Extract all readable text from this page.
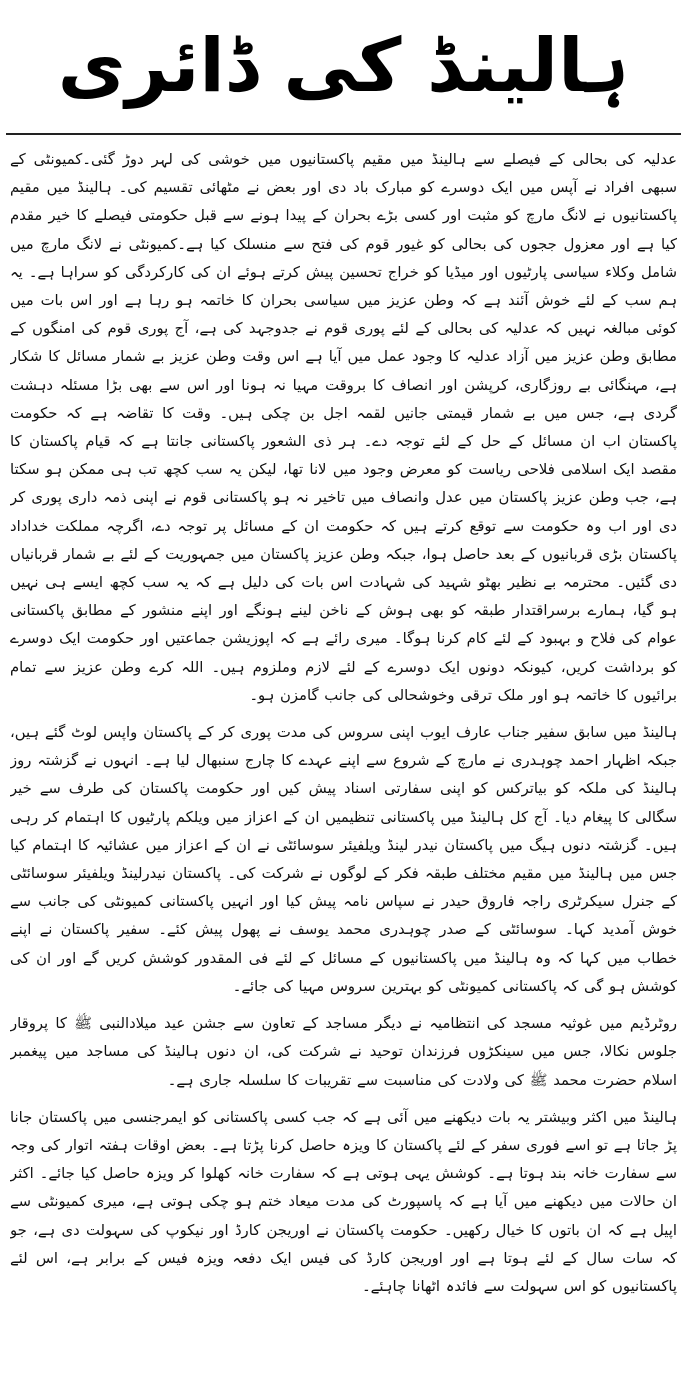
ہالینڈ کی ڈائری

عدلیہ کی بحالی کے فیصلے سے ہالینڈ میں مقیم پاکستانیوں میں خوشی کی لہر دوڑ گئی۔کمیونٹی کے سبھی افراد نے آپس میں ایک دوسرے کو مبارک باد دی اور بعض نے مٹھائی تقسیم کی۔ ہالینڈ میں مقیم پاکستانیوں نے لانگ مارچ کو مثبت اور کسی بڑے بحران کے پیدا ہونے سے قبل حکومتی فیصلے کا خیر مقدم کیا ہے اور معزول ججوں کی بحالی کو غیور قوم کی فتح سے منسلک کیا ہے۔کمیونٹی نے لانگ مارچ میں شامل وکلاء سیاسی پارٹیوں اور میڈیا کو خراج تحسین پیش کرتے ہوئے ان کی کارکردگی کو سراہا ہے۔ یہ ہم سب کے لئے خوش آئند ہے کہ وطن عزیز میں سیاسی بحران کا خاتمہ ہو رہا ہے اور اس بات میں کوئی مبالغہ نہیں کہ عدلیہ کی بحالی کے لئے پوری قوم نے جدوجہد کی ہے، آج پوری قوم کی امنگوں کے مطابق وطن عزیز میں آزاد عدلیہ کا وجود عمل میں آیا ہے اس وقت وطن عزیز بے شمار مسائل کا شکار ہے، مہنگائی بے روزگاری، کرپشن اور انصاف کا بروقت مہیا نہ ہونا اور اس سے بھی بڑا مسئلہ دہشت گردی ہے، جس میں بے شمار قیمتی جانیں لقمہ اجل بن چکی ہیں۔ وقت کا تقاضہ ہے کہ حکومت پاکستان اب ان مسائل کے حل کے لئے توجہ دے۔ ہر ذی الشعور پاکستانی جانتا ہے کہ قیام پاکستان کا مقصد ایک اسلامی فلاحی ریاست کو معرض وجود میں لانا تھا، لیکن یہ سب کچھ تب ہی ممکن ہو سکتا ہے، جب وطن عزیز پاکستان میں عدل وانصاف میں تاخیر نہ ہو پاکستانی قوم نے اپنی ذمہ داری پوری کر دی اور اب وہ حکومت سے توقع کرتے ہیں کہ حکومت ان کے مسائل پر توجہ دے، اگرچہ مملکت خداداد پاکستان بڑی قربانیوں کے بعد حاصل ہوا، جبکہ وطن عزیز پاکستان میں جمہوریت کے لئے بے شمار قربانیاں دی گئیں۔ محترمہ بے نظیر بھٹو شہید کی شہادت اس بات کی دلیل ہے کہ یہ سب کچھ ایسے ہی نہیں ہو گیا، ہمارے برسراقتدار طبقہ کو بھی ہوش کے ناخن لینے ہونگے اور اپنے منشور کے مطابق پاکستانی عوام کی فلاح و بہبود کے لئے کام کرنا ہوگا۔ میری رائے ہے کہ اپوزیشن جماعتیں اور حکومت ایک دوسرے کو برداشت کریں، کیونکہ دونوں ایک دوسرے کے لئے لازم وملزوم ہیں۔ اللہ کرے وطن عزیز سے تمام برائیوں کا خاتمہ ہو اور ملک ترقی وخوشحالی کی جانب گامزن ہو۔

ہالینڈ میں سابق سفیر جناب عارف ایوب اپنی سروس کی مدت پوری کر کے پاکستان واپس لوٹ گئے ہیں، جبکہ اظہار احمد چوہدری نے مارچ کے شروع سے اپنے عہدے کا چارج سنبھال لیا ہے۔ انہوں نے گزشتہ روز ہالینڈ کی ملکہ کو بیاترکس کو اپنی سفارتی اسناد پیش کیں اور حکومت پاکستان کی طرف سے خیر سگالی کا پیغام دیا۔ آج کل ہالینڈ میں پاکستانی تنظیمیں ان کے اعزاز میں ویلکم پارٹیوں کا اہتمام کر رہی ہیں۔ گزشتہ دنوں ہیگ میں پاکستان نیدر لینڈ ویلفیئر سوسائٹی نے ان کے اعزاز میں عشائیہ کا اہتمام کیا جس میں ہالینڈ میں مقیم مختلف طبقہ فکر کے لوگوں نے شرکت کی۔ پاکستان نیدرلینڈ ویلفیئر سوسائٹی کے جنرل سیکرٹری راجہ فاروق حیدر نے سپاس نامہ پیش کیا اور انہیں پاکستانی کمیونٹی کی جانب سے خوش آمدید کہا۔ سوسائٹی کے صدر چوہدری محمد یوسف نے پھول پیش کئے۔ سفیر پاکستان نے اپنے خطاب میں کہا کہ وہ ہالینڈ میں پاکستانیوں کے مسائل کے لئے فی المقدور کوشش کریں گے اور ان کی کوشش ہو گی کہ پاکستانی کمیونٹی کو بہترین سروس مہیا کی جائے۔

روٹرڈیم میں غوثیہ مسجد کی انتظامیہ نے دیگر مساجد کے تعاون سے جشن عید میلادالنبی ﷺ کا پروقار جلوس نکالا، جس میں سینکڑوں فرزندان توحید نے شرکت کی، ان دنوں ہالینڈ کی مساجد میں پیغمبر اسلام حضرت محمد ﷺ کی ولادت کی مناسبت سے تقریبات کا سلسلہ جاری ہے۔

ہالینڈ میں اکثر وبیشتر یہ بات دیکھنے میں آئی ہے کہ جب کسی پاکستانی کو ایمرجنسی میں پاکستان جانا پڑ جاتا ہے تو اسے فوری سفر کے لئے پاکستان کا ویزہ حاصل کرنا پڑتا ہے۔ بعض اوقات ہفتہ اتوار کی وجہ سے سفارت خانہ بند ہوتا ہے۔ کوشش یہی ہوتی ہے کہ سفارت خانہ کھلوا کر ویزہ حاصل کیا جائے۔ اکثر ان حالات میں دیکھنے میں آیا ہے کہ پاسپورٹ کی مدت میعاد ختم ہو چکی ہوتی ہے، میری کمیونٹی سے اپیل ہے کہ ان باتوں کا خیال رکھیں۔ حکومت پاکستان نے اوریجن کارڈ اور نیکوپ کی سہولت دی ہے، جو کہ سات سال کے لئے ہوتا ہے اور اوریجن کارڈ کی فیس ایک دفعہ ویزہ فیس کے برابر ہے، اس لئے پاکستانیوں کو اس سہولت سے فائدہ اٹھانا چاہئے۔
